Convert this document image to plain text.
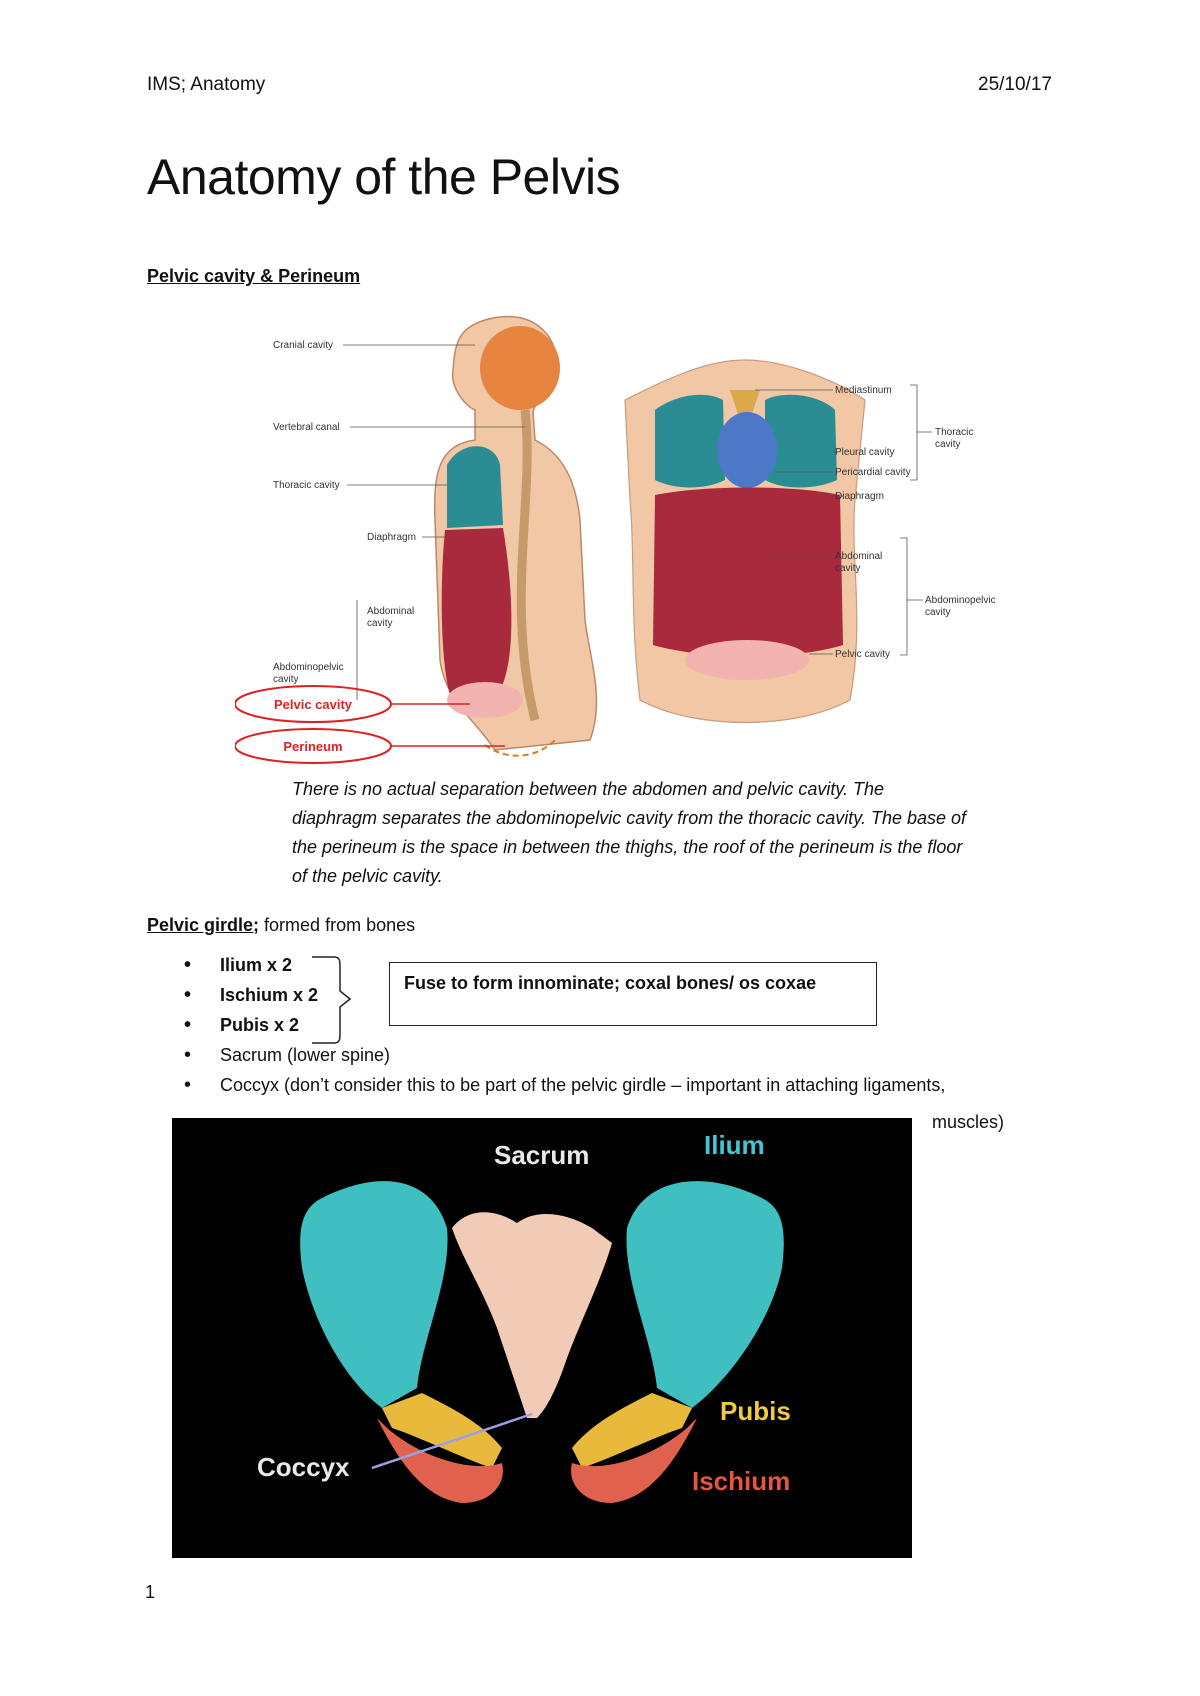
IMS; Anatomy	25/10/17
Anatomy of the Pelvis
Pelvic cavity & Perineum
Cranial cavity
Vertebral canal
Thoracic cavity
Diaphragm
Abdominal
cavity
Abdominopelvic
cavity
Pelvic cavity
Perineum
Mediastinum
Thoracic
cavity
Pleural cavity
Pericardial cavity
Diaphragm
Abdominal
cavity
Abdominopelvic
cavity
Pelvic cavity
There is no actual separation between the abdomen and pelvic cavity. The
diaphragm separates the abdominopelvic cavity from the thoracic cavity. The base of
the perineum is the space in between the thighs, the roof of the perineum is the floor
of the pelvic cavity.
Pelvic girdle; formed from bones
• Ilium x 2
• Ischium x 2
• Pubis x 2
• Sacrum (lower spine)
• Coccyx (don’t consider this to be part of the pelvic girdle – important in attaching ligaments,
muscles)
Fuse to form innominate; coxal bones/ os coxae
Sacrum	Ilium
Pubis
Coccyx	Ischium
1
